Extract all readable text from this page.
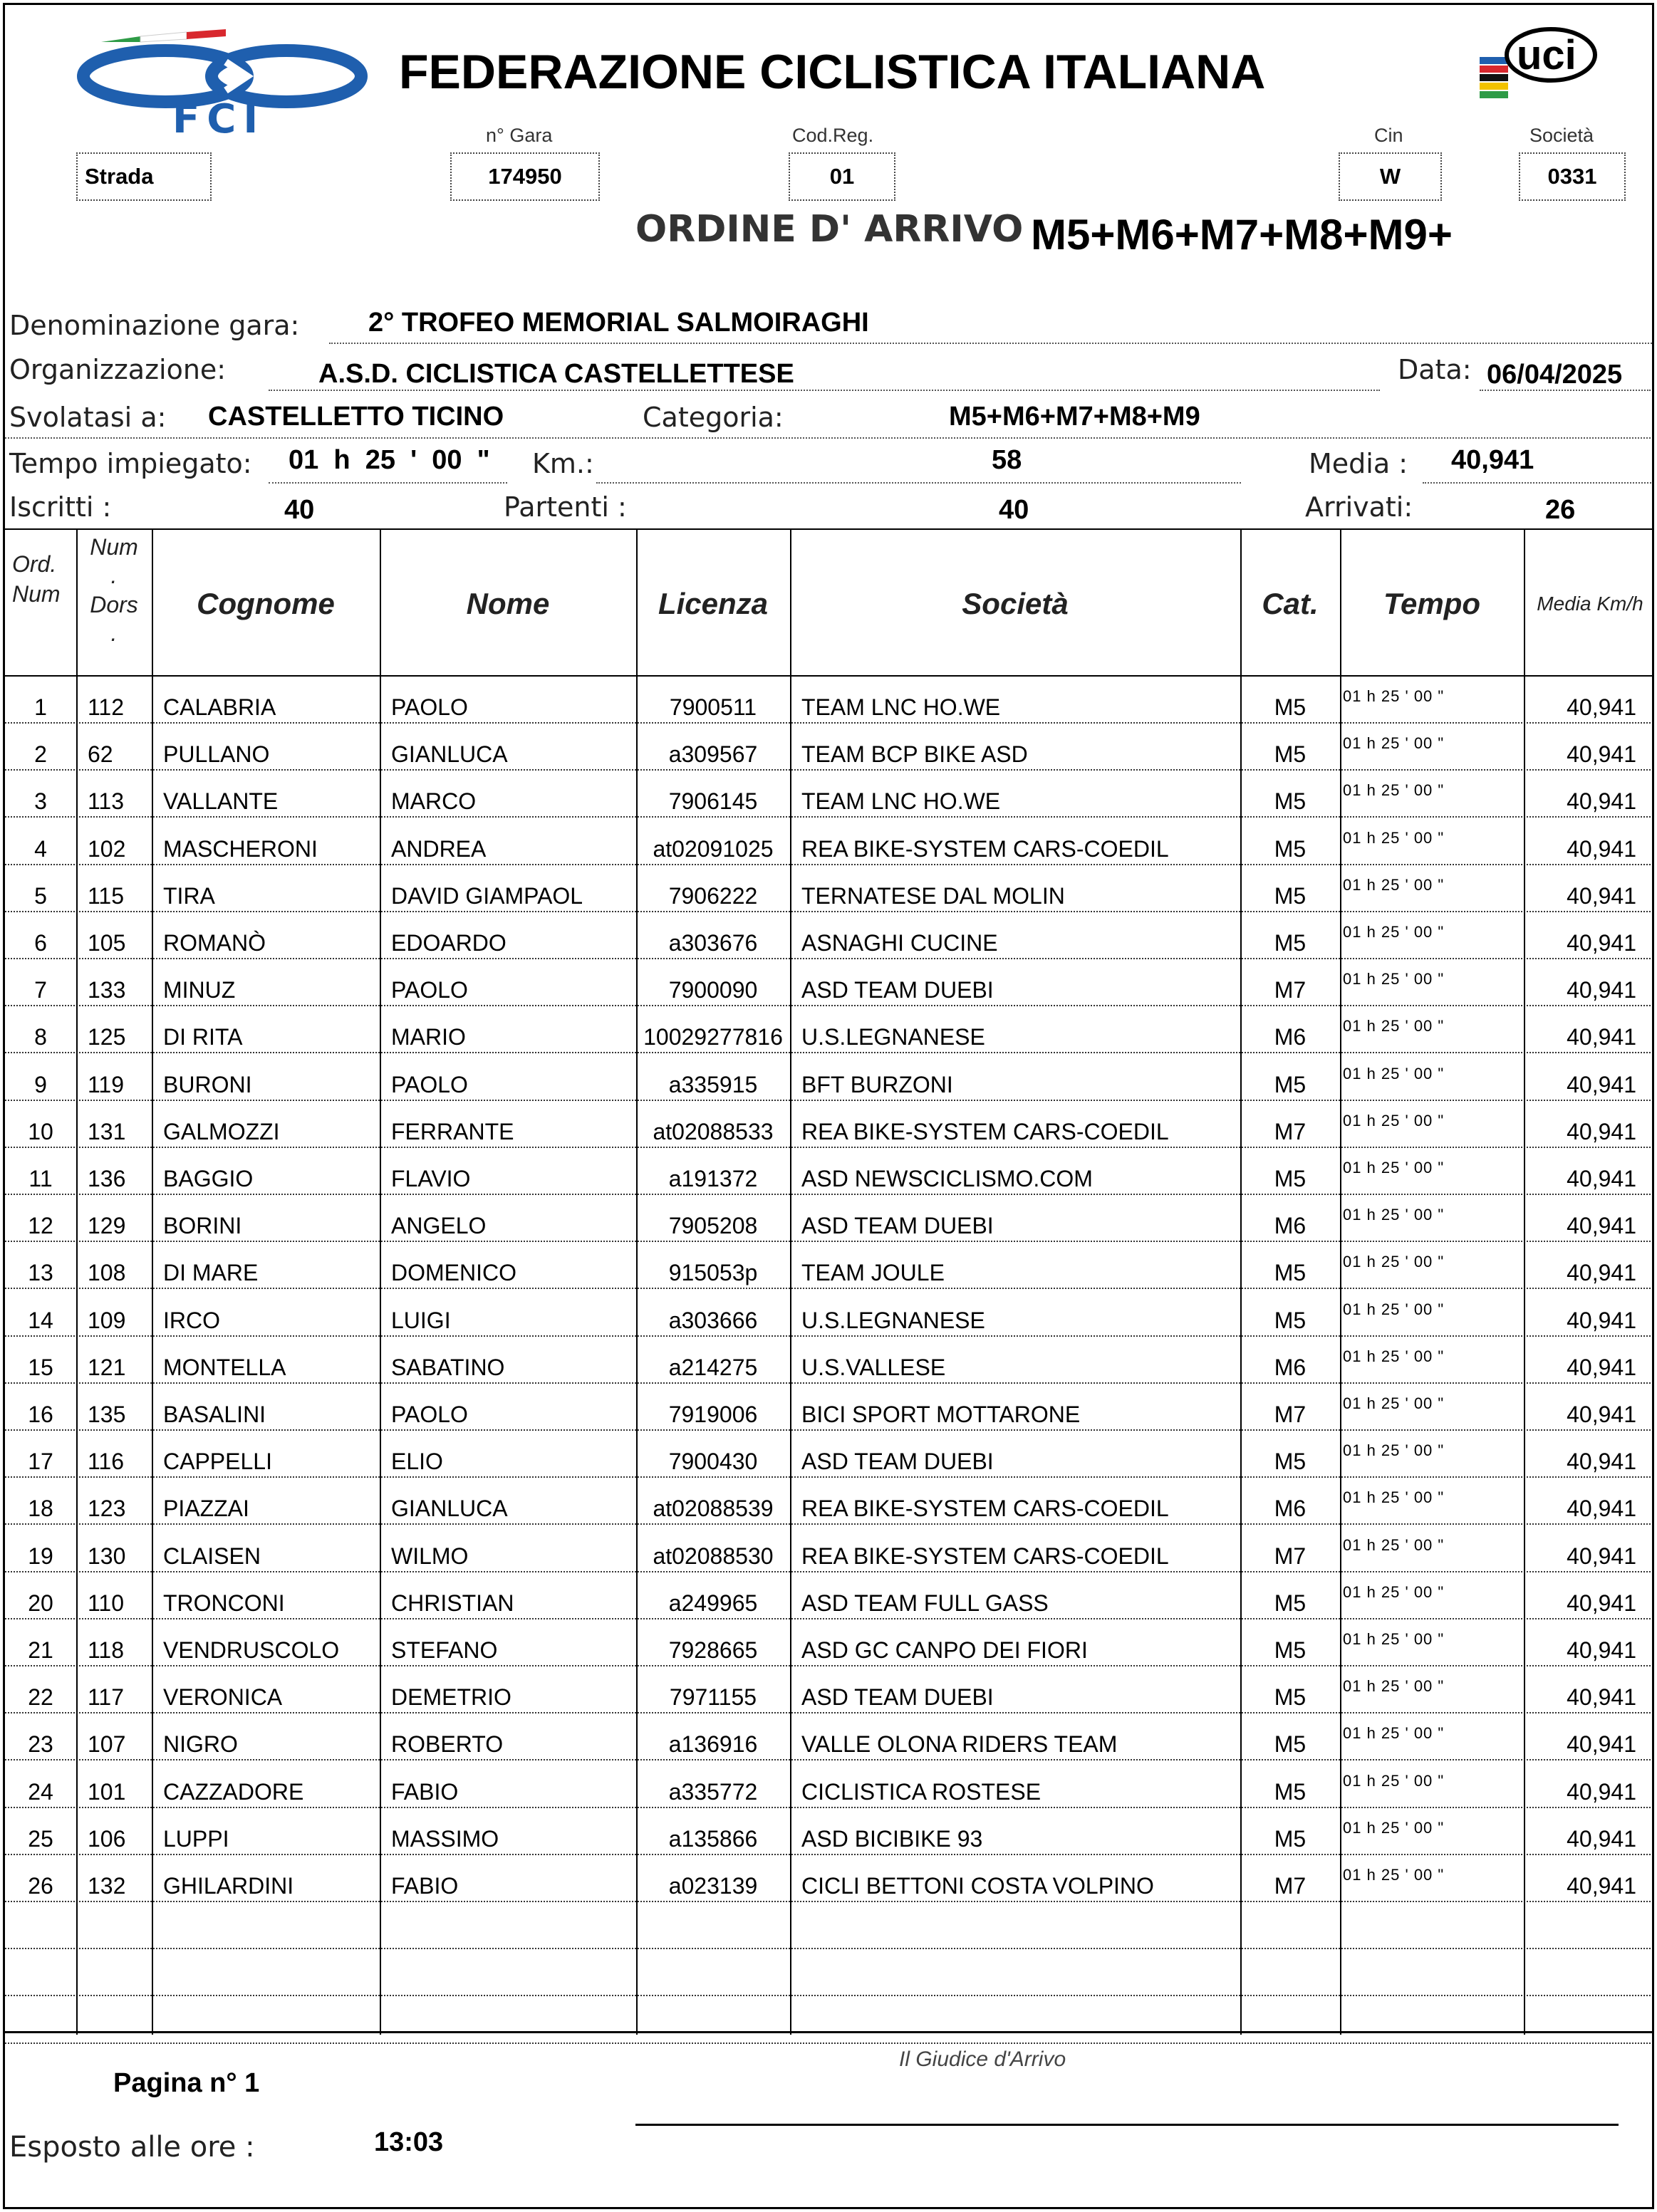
FCI
FEDERAZIONE CICLISTICA ITALIANA	uci
Strada
n° Gara
174950
Cod.Reg.
01
Cin
W
Società
0331
ORDINE D' ARRIVO M5+M6+M7+M8+M9+
Denominazione gara:	2° TROFEO MEMORIAL SALMOIRAGHI
Organizzazione:	A.S.D. CICLISTICA CASTELLETTESE	Data: 06/04/2025
Svolatasi a: CASTELLETTO TICINO	Categoria:	M5+M6+M7+M8+M9
Tempo impiegato: 01  h  25  '  00  " Km.:	58	Media : 40,941
Iscritti :	40	Partenti :	40	Arrivati:	26
Ord.
Num
Num
.
Dors
.
Cognome	Nome	Licenza	Società	Cat.	Tempo	Media Km/h
1	112	CALABRIA	PAOLO	7900511	TEAM LNC HO.WE	M5	01 h 25 ' 00 "	40,941
2	62	PULLANO	GIANLUCA	a309567	TEAM BCP BIKE ASD	M5	01 h 25 ' 00 "	40,941
3	113	VALLANTE	MARCO	7906145	TEAM LNC HO.WE	M5	01 h 25 ' 00 "	40,941
4	102	MASCHERONI	ANDREA	at02091025	REA BIKE-SYSTEM CARS-COEDIL	M5	01 h 25 ' 00 "	40,941
5	115	TIRA	DAVID GIAMPAOL	7906222	TERNATESE DAL MOLIN	M5	01 h 25 ' 00 "	40,941
6	105	ROMANÒ	EDOARDO	a303676	ASNAGHI CUCINE	M5	01 h 25 ' 00 "	40,941
7	133	MINUZ	PAOLO	7900090	ASD TEAM DUEBI	M7	01 h 25 ' 00 "	40,941
8	125	DI RITA	MARIO	10029277816 U.S.LEGNANESE	M6	01 h 25 ' 00 "	40,941
9	119	BURONI	PAOLO	a335915	BFT BURZONI	M5	01 h 25 ' 00 "	40,941
10	131	GALMOZZI	FERRANTE	at02088533	REA BIKE-SYSTEM CARS-COEDIL	M7	01 h 25 ' 00 "	40,941
11	136	BAGGIO	FLAVIO	a191372	ASD NEWSCICLISMO.COM	M5	01 h 25 ' 00 "	40,941
12	129	BORINI	ANGELO	7905208	ASD TEAM DUEBI	M6	01 h 25 ' 00 "	40,941
13	108	DI MARE	DOMENICO	915053p	TEAM JOULE	M5	01 h 25 ' 00 "	40,941
14	109	IRCO	LUIGI	a303666	U.S.LEGNANESE	M5	01 h 25 ' 00 "	40,941
15	121	MONTELLA	SABATINO	a214275	U.S.VALLESE	M6	01 h 25 ' 00 "	40,941
16	135	BASALINI	PAOLO	7919006	BICI SPORT MOTTARONE	M7	01 h 25 ' 00 "	40,941
17	116	CAPPELLI	ELIO	7900430	ASD TEAM DUEBI	M5	01 h 25 ' 00 "	40,941
18	123	PIAZZAI	GIANLUCA	at02088539	REA BIKE-SYSTEM CARS-COEDIL	M6	01 h 25 ' 00 "	40,941
19	130	CLAISEN	WILMO	at02088530	REA BIKE-SYSTEM CARS-COEDIL	M7	01 h 25 ' 00 "	40,941
20	110	TRONCONI	CHRISTIAN	a249965	ASD TEAM FULL GASS	M5	01 h 25 ' 00 "	40,941
21	118	VENDRUSCOLO	STEFANO	7928665	ASD GC CANPO DEI FIORI	M5	01 h 25 ' 00 "	40,941
22	117	VERONICA	DEMETRIO	7971155	ASD TEAM DUEBI	M5	01 h 25 ' 00 "	40,941
23	107	NIGRO	ROBERTO	a136916	VALLE OLONA RIDERS TEAM	M5	01 h 25 ' 00 "	40,941
24	101	CAZZADORE	FABIO	a335772	CICLISTICA ROSTESE	M5	01 h 25 ' 00 "	40,941
25	106	LUPPI	MASSIMO	a135866	ASD BICIBIKE 93	M5	01 h 25 ' 00 "	40,941
26	132	GHILARDINI	FABIO	a023139	CICLI BETTONI COSTA VOLPINO	M7	01 h 25 ' 00 "	40,941
Pagina n° 1
Il Giudice d'Arrivo
Esposto alle ore :	13:03
